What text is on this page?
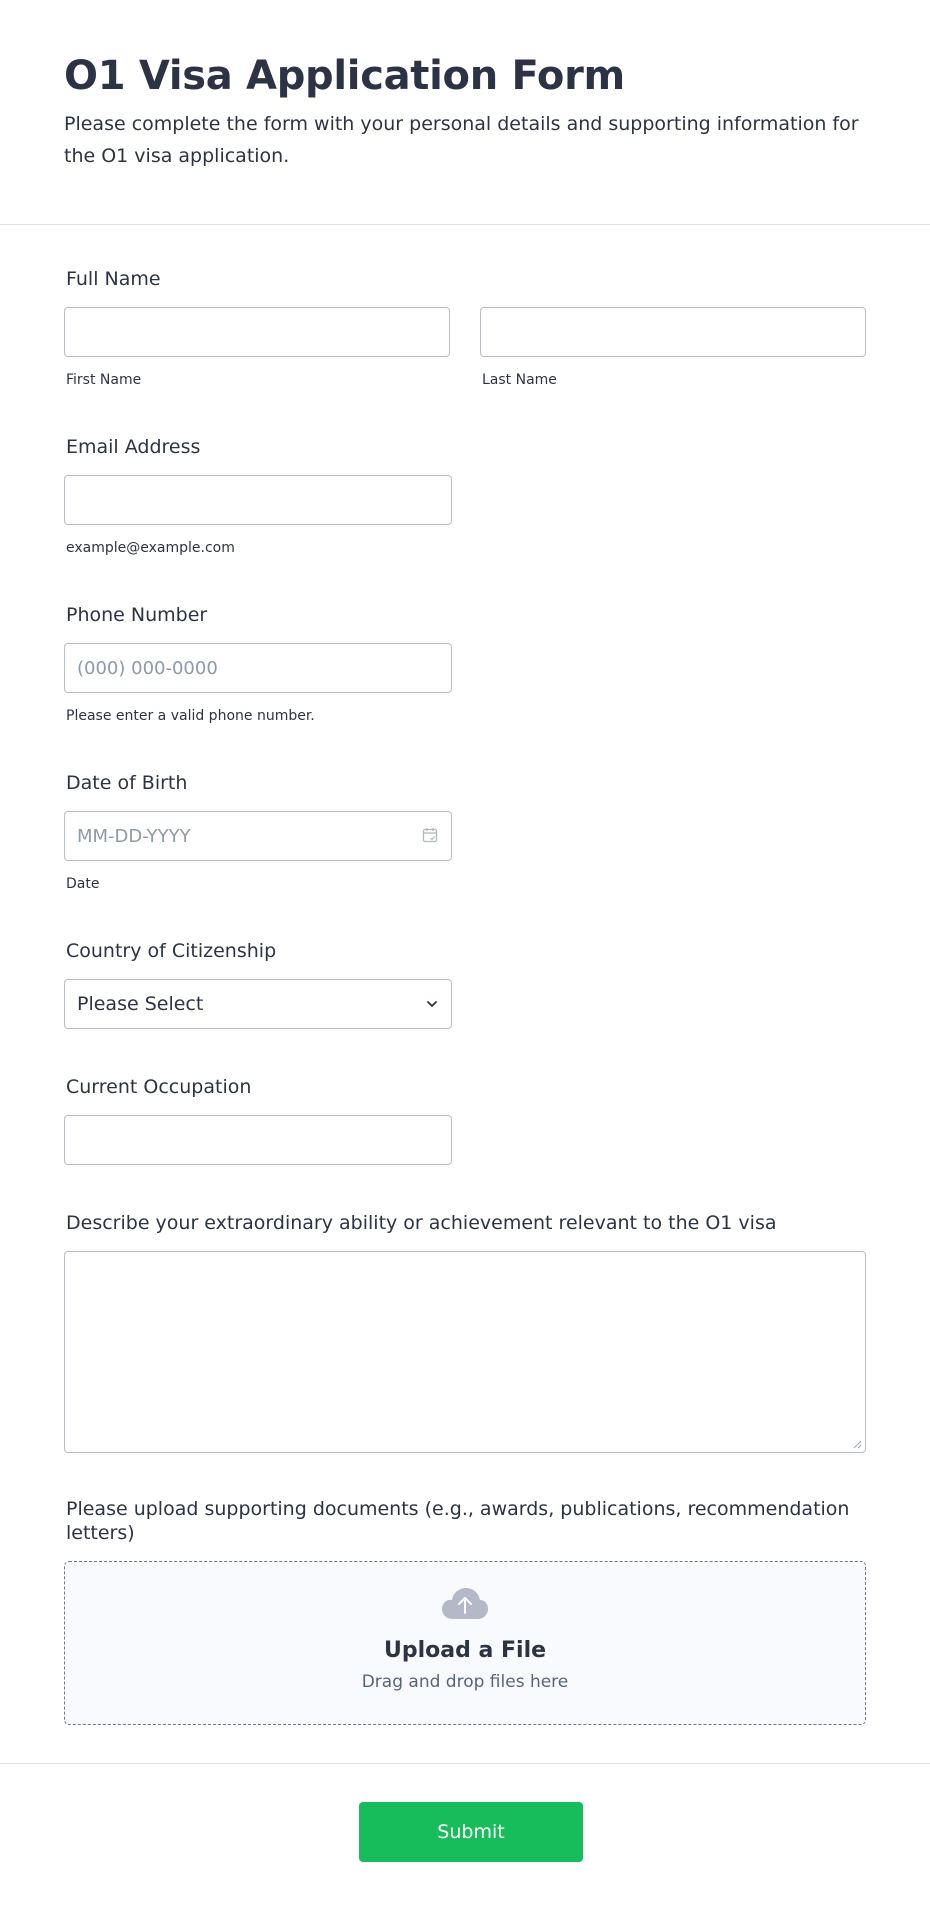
O1 Visa Application Form
Please complete the form with your personal details and supporting information for the O1 visa application.
Full Name
First Name	Last Name
Email Address
example@example.com
Phone Number
(000) 000-0000
Please enter a valid phone number.
Date of Birth
MM-DD-YYYY
Date
Country of Citizenship
Please Select
Current Occupation
Describe your extraordinary ability or achievement relevant to the O1 visa
Please upload supporting documents (e.g., awards, publications, recommendation letters)
Upload a File
Drag and drop files here
Submit
